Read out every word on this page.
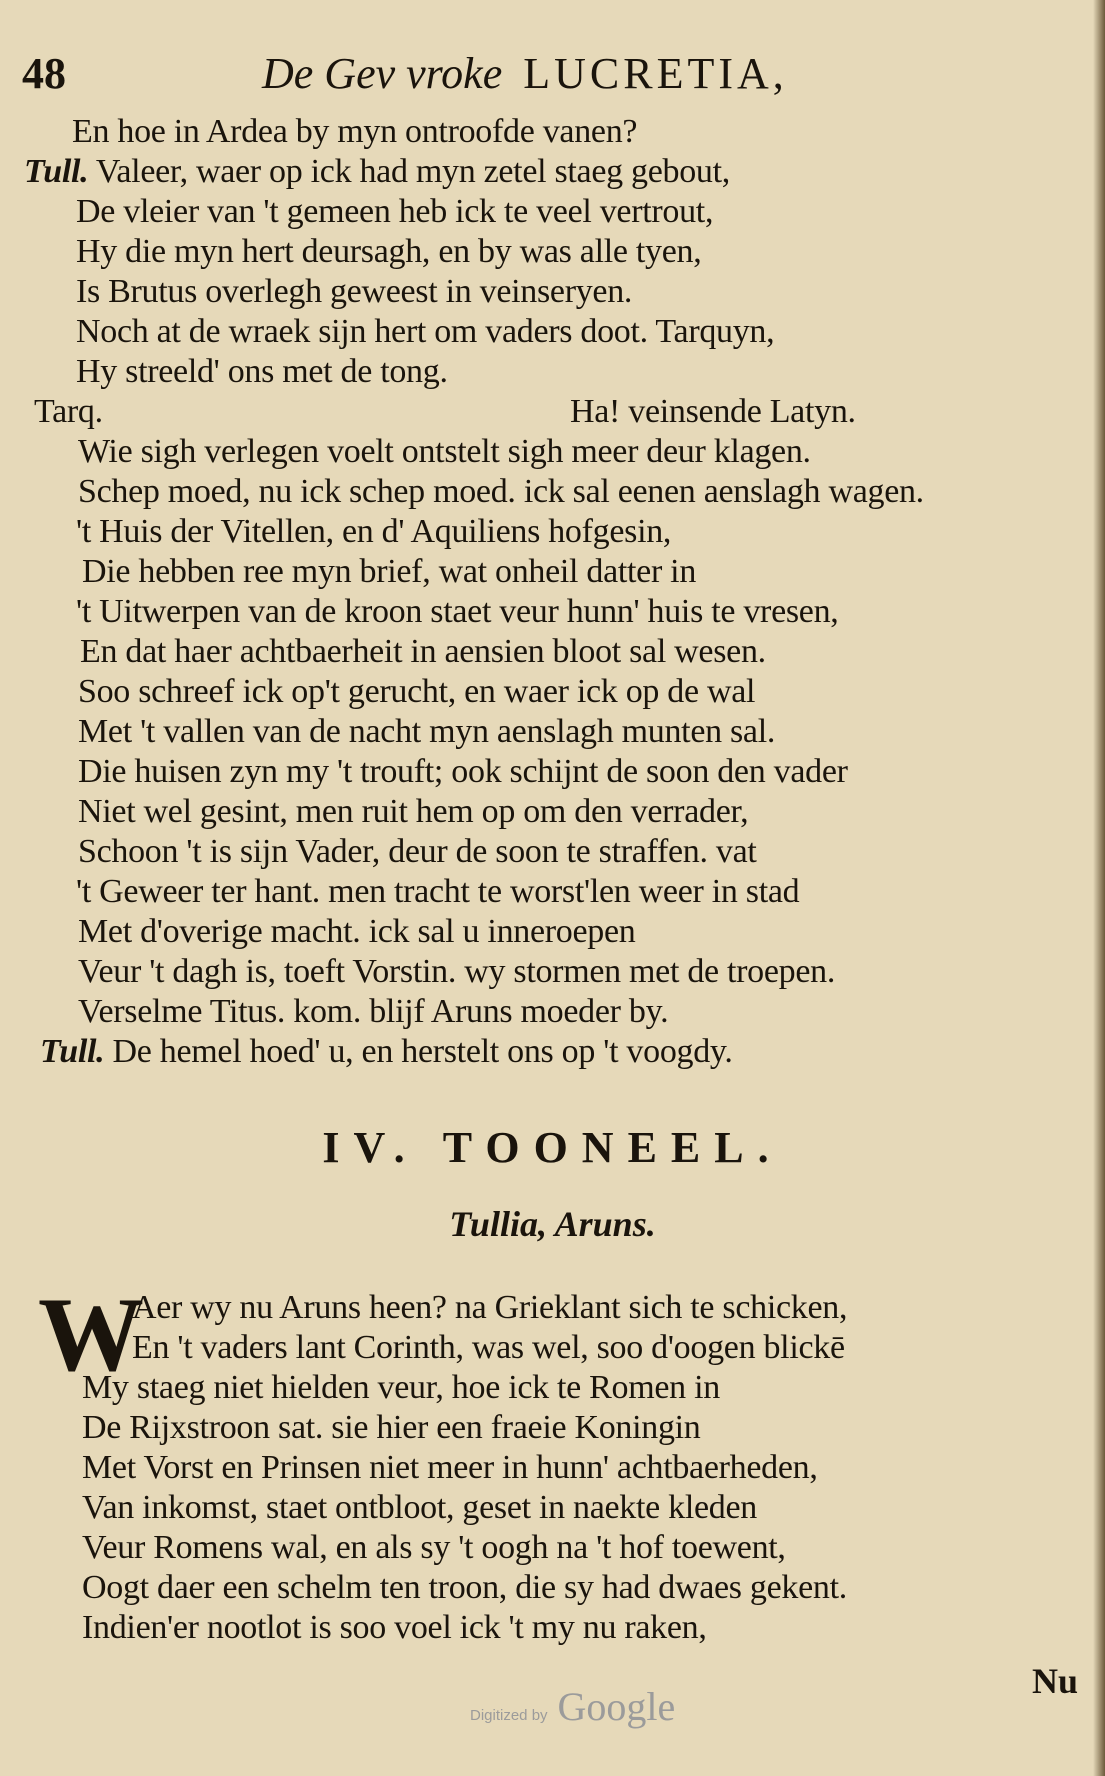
48	De Gev vroke LUCRETIA,
En hoe in Ardea by myn ontroofde vanen?
Tull. Valeer, waer op ick had myn zetel staeg gebout,
De vleier van 't gemeen heb ick te veel vertrout,
Hy die myn hert deursagh, en by was alle tyen,
Is Brutus overlegh geweest in veinseryen.
Noch at de wraek sijn hert om vaders doot. Tarquyn,
Hy streeld' ons met de tong.
Tarq.	Ha! veinsende Latyn.
Wie sigh verlegen voelt ontstelt sigh meer deur klagen.
Schep moed, nu ick schep moed. ick sal eenen aenslagh wagen.
't Huis der Vitellen, en d' Aquiliens hofgesin,
Die hebben ree myn brief, wat onheil datter in
't Uitwerpen van de kroon staet veur hunn' huis te vresen,
En dat haer achtbaerheit in aensien bloot sal wesen.
Soo schreef ick op't gerucht, en waer ick op de wal
Met 't vallen van de nacht myn aenslagh munten sal.
Die huisen zyn my 't trouft; ook schijnt de soon den vader
Niet wel gesint, men ruit hem op om den verrader,
Schoon 't is sijn Vader, deur de soon te straffen. vat
't Geweer ter hant. men tracht te worst'len weer in stad
Met d'overige macht. ick sal u inneroepen
Veur 't dagh is, toeft Vorstin. wy stormen met de troepen.
Verselme Titus. kom. blijf Aruns moeder by.
Tull. De hemel hoed' u, en herstelt ons op 't voogdy.
IV. TOONEEL.
Tullia, Aruns.
W
Aer wy nu Aruns heen? na Grieklant sich te schicken,
En 't vaders lant Corinth, was wel, soo d'oogen blickē
My staeg niet hielden veur, hoe ick te Romen in
De Rijxstroon sat. sie hier een fraeie Koningin
Met Vorst en Prinsen niet meer in hunn' achtbaerheden,
Van inkomst, staet ontbloot, geset in naekte kleden
Veur Romens wal, en als sy 't oogh na 't hof toewent,
Oogt daer een schelm ten troon, die sy had dwaes gekent.
Indien'er nootlot is soo voel ick 't my nu raken,
Nu
Digitized by Google
